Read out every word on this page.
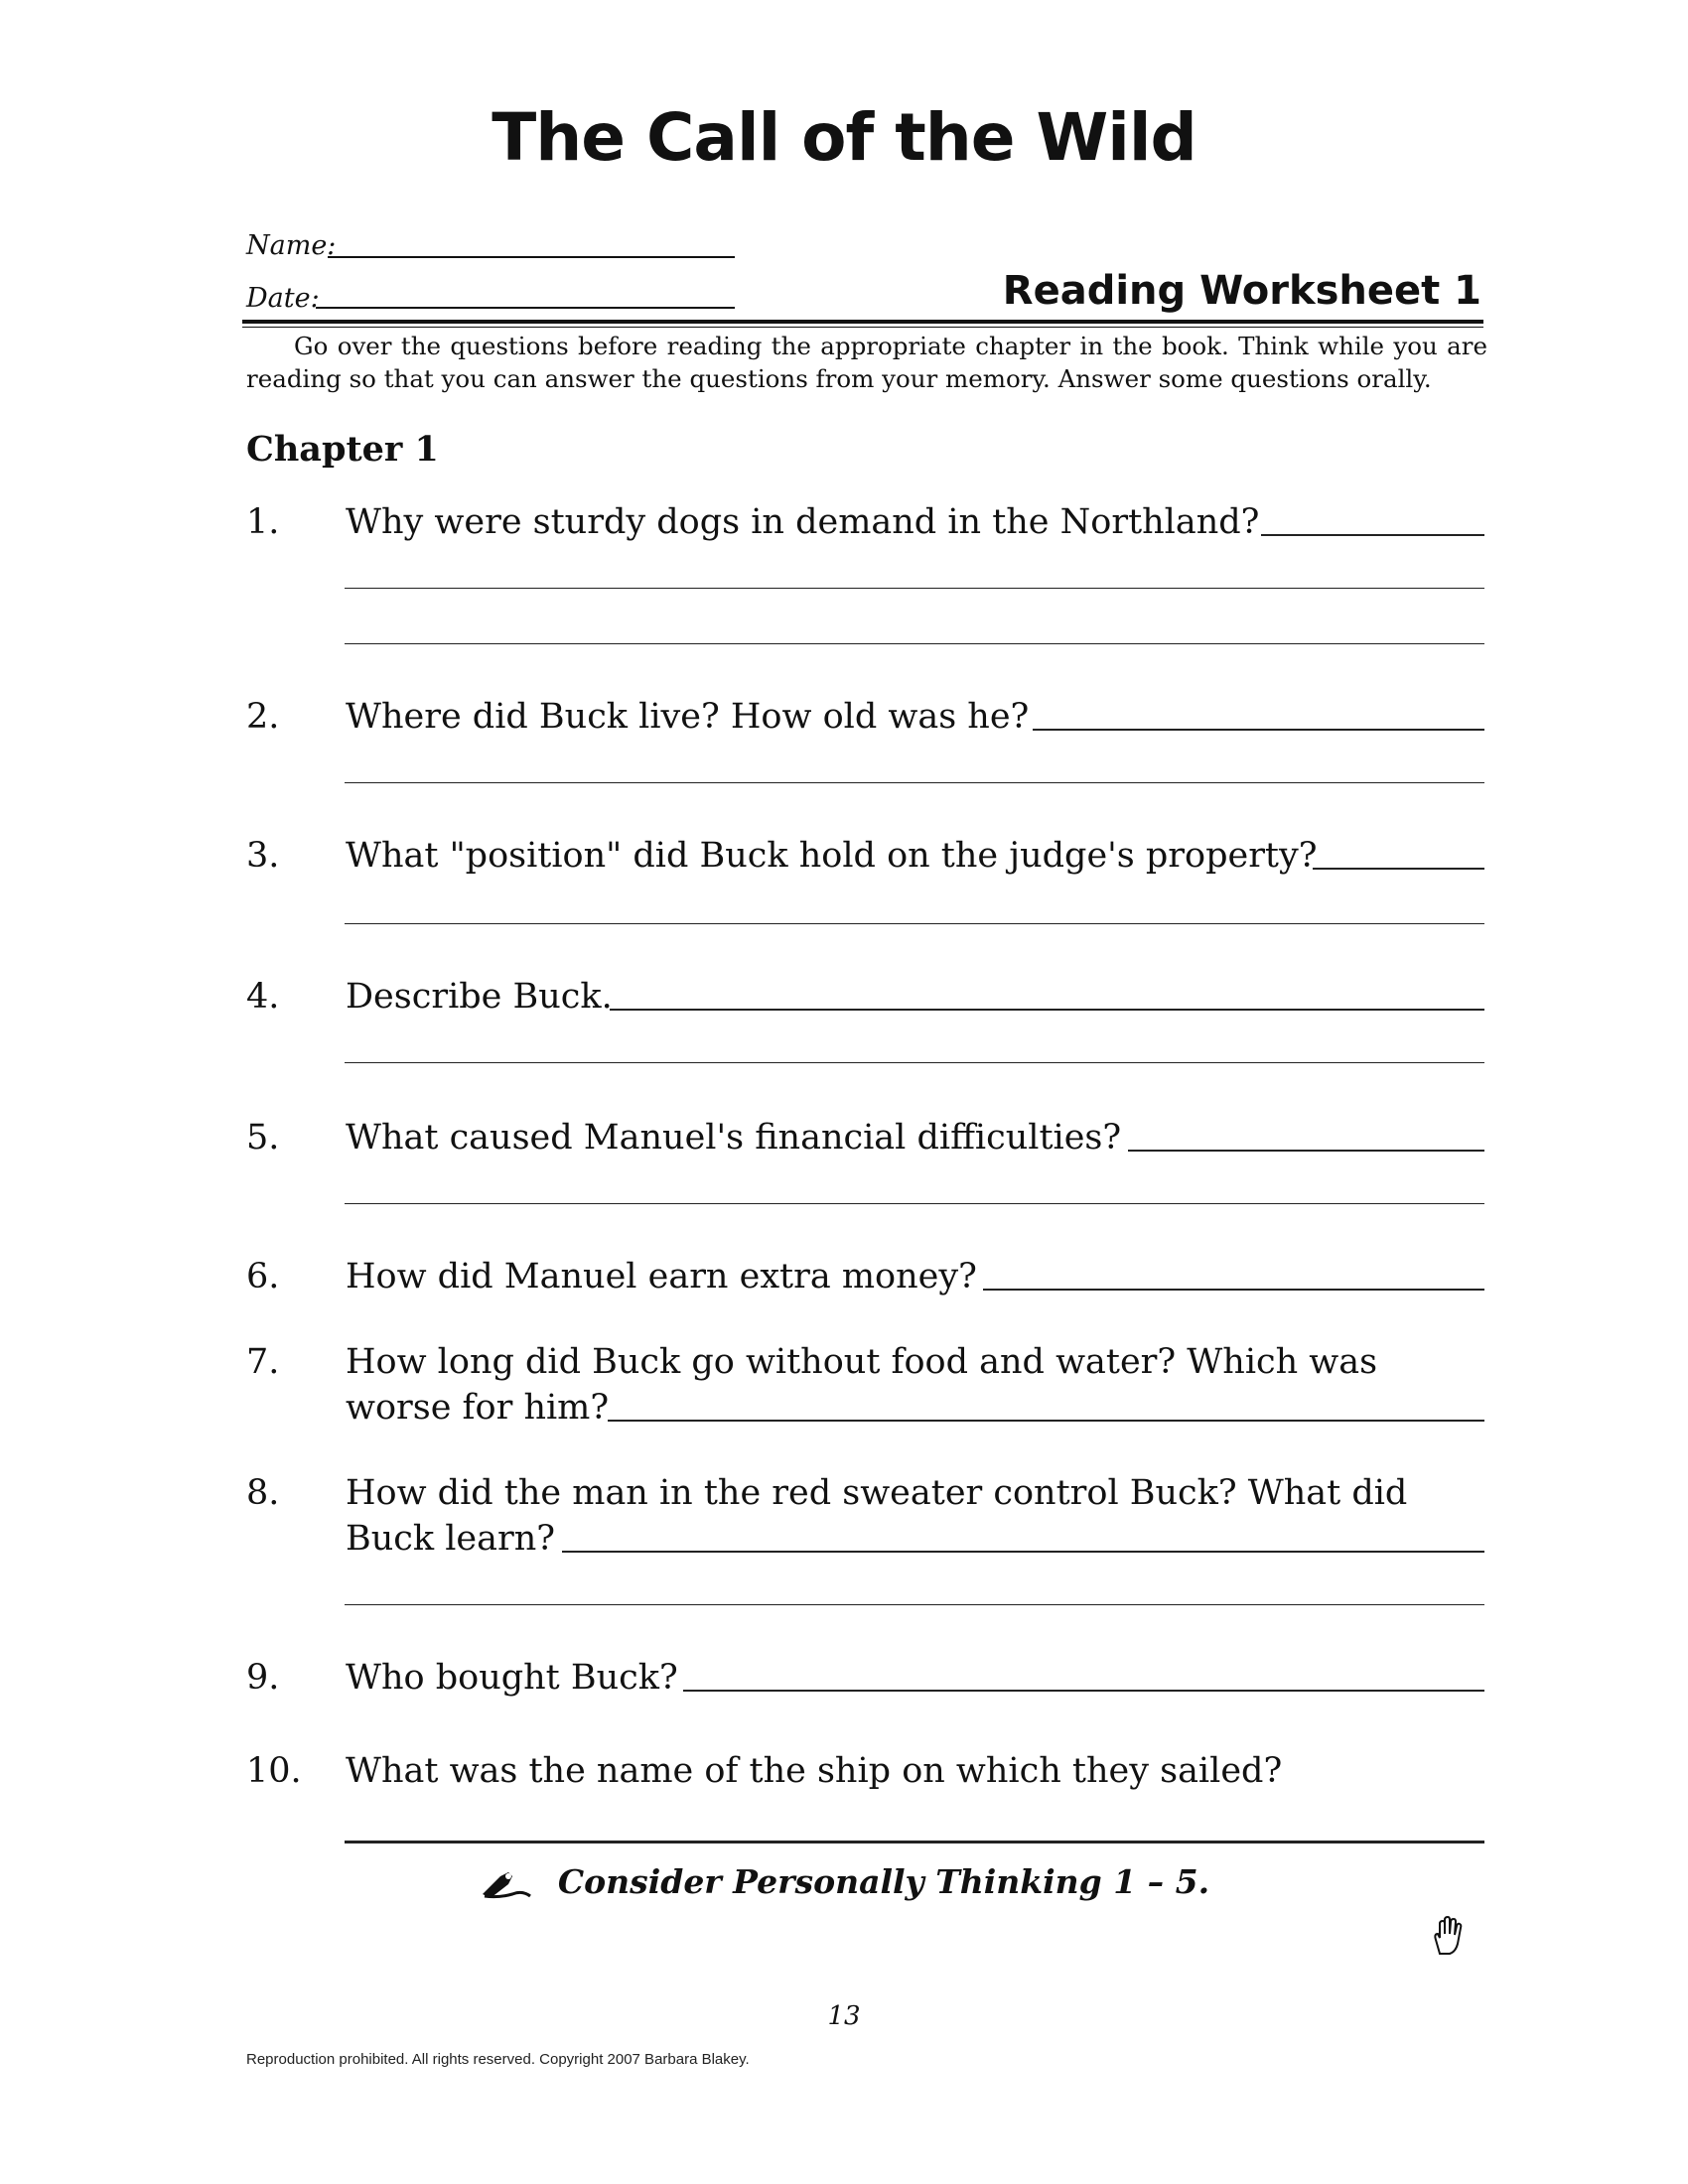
The Call of the Wild
Name:
Date:	Reading Worksheet 1
Go over the questions before reading the appropriate chapter in the book. Think while you are reading so that you can answer the questions from your memory. Answer some questions orally.
Chapter 1
1. Why were sturdy dogs in demand in the Northland?
2. Where did Buck live? How old was he?
3. What "position" did Buck hold on the judge's property?
4. Describe Buck.
5. What caused Manuel's financial difficulties?
6. How did Manuel earn extra money?
7. How long did Buck go without food and water? Which was
worse for him?
8. How did the man in the red sweater control Buck? What did
Buck learn?
9. Who bought Buck?
10. What was the name of the ship on which they sailed?
Consider Personally Thinking 1 – 5.
13
Reproduction prohibited. All rights reserved. Copyright 2007 Barbara Blakey.
